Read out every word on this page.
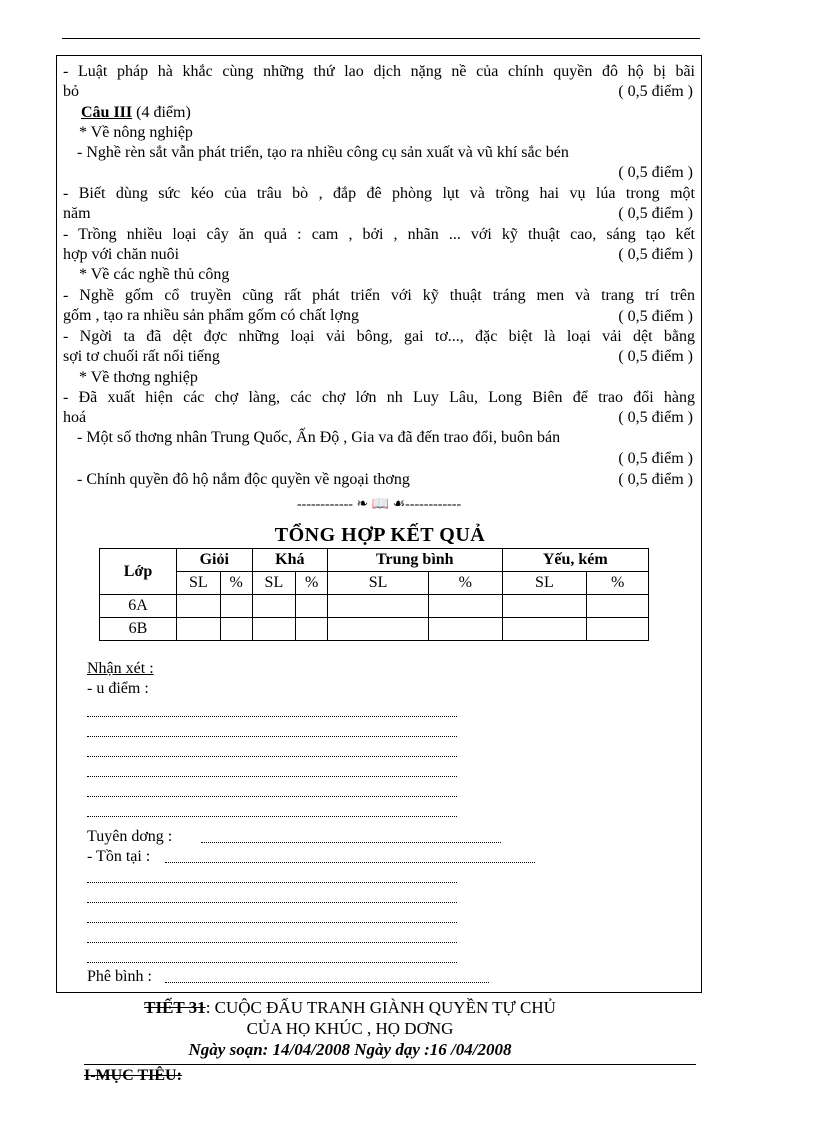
- Luật pháp hà khắc cùng những thứ lao dịch nặng nề của chính quyền đô hộ bị bãi
bỏ	( 0,5 điểm )
Câu III (4 điểm)
* Về nông nghiệp
- Nghề rèn sắt vẫn phát triển, tạo ra nhiều công cụ sản xuất và vũ khí sắc bén
( 0,5 điểm )
- Biết dùng sức kéo của trâu bò , đắp đê phòng lụt và trồng hai vụ lúa trong một
năm	( 0,5 điểm )
- Trồng nhiều loại cây ăn quả : cam , bởi , nhãn ... với kỹ thuật cao, sáng tạo kết
hợp với chăn nuôi	( 0,5 điểm )
* Về các nghề thủ công
- Nghề gốm cổ truyền cũng rất phát triển với kỹ thuật tráng men và trang trí trên
gốm , tạo ra nhiều sản phẩm gốm có chất lợng	( 0,5 điểm )
- Ngời ta đã dệt đợc những loại vải bông, gai tơ..., đặc biệt là loại vải dệt bằng
sợi tơ chuối rất nổi tiếng	( 0,5 điểm )
* Về thơng nghiệp
- Đã xuất hiện các chợ làng, các chợ lớn nh Luy Lâu, Long Biên để trao đổi hàng
hoá	( 0,5 điểm )
- Một số thơng nhân Trung Quốc, Ấn Độ , Gia va đã đến trao đổi, buôn bán
( 0,5 điểm )
- Chính quyền đô hộ nắm độc quyền về ngoại thơng	( 0,5 điểm )
------------ ❧ 📖 ☙------------
TỔNG HỢP KẾT QUẢ
Lớp	Giỏi		Khá		Trung bình		Yếu, kém	
	SL	%	SL	%	SL	%	SL	%
6A								
6B								
Nhận xét :
- u điểm :
Tuyên dơng :
- Tồn tại :
Phê bình :
TIẾT 31: CUỘC ĐẤU TRANH GIÀNH QUYỀN TỰ CHỦ
CỦA HỌ KHÚC , HỌ DƠNG
Ngày soạn: 14/04/2008 Ngày dạy :16 /04/2008
I-MỤC TIÊU:
